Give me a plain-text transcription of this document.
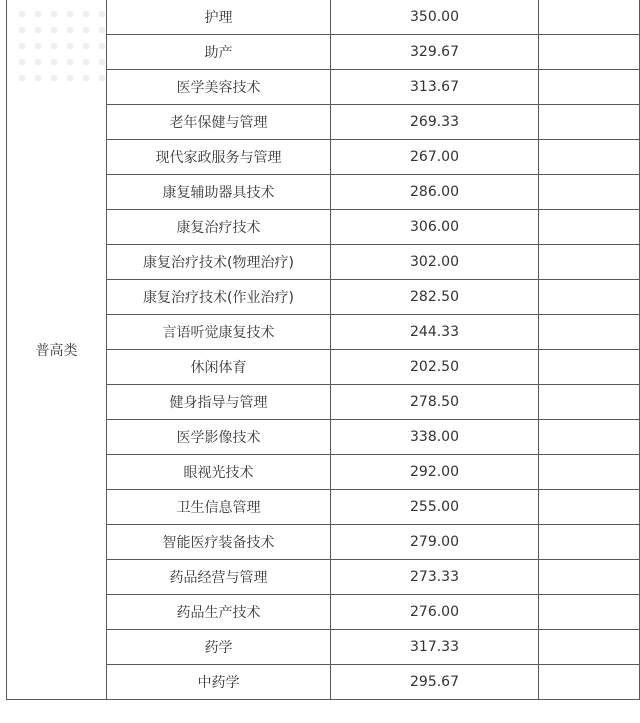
普高类	护理	350.00	
	助产	329.67	
	医学美容技术	313.67	
	老年保健与管理	269.33	
	现代家政服务与管理	267.00	
	康复辅助器具技术	286.00	
	康复治疗技术	306.00	
	康复治疗技术(物理治疗)	302.00	
	康复治疗技术(作业治疗)	282.50	
	言语听觉康复技术	244.33	
	休闲体育	202.50	
	健身指导与管理	278.50	
	医学影像技术	338.00	
	眼视光技术	292.00	
	卫生信息管理	255.00	
	智能医疗装备技术	279.00	
	药品经营与管理	273.33	
	药品生产技术	276.00	
	药学	317.33	
	中药学	295.67	
